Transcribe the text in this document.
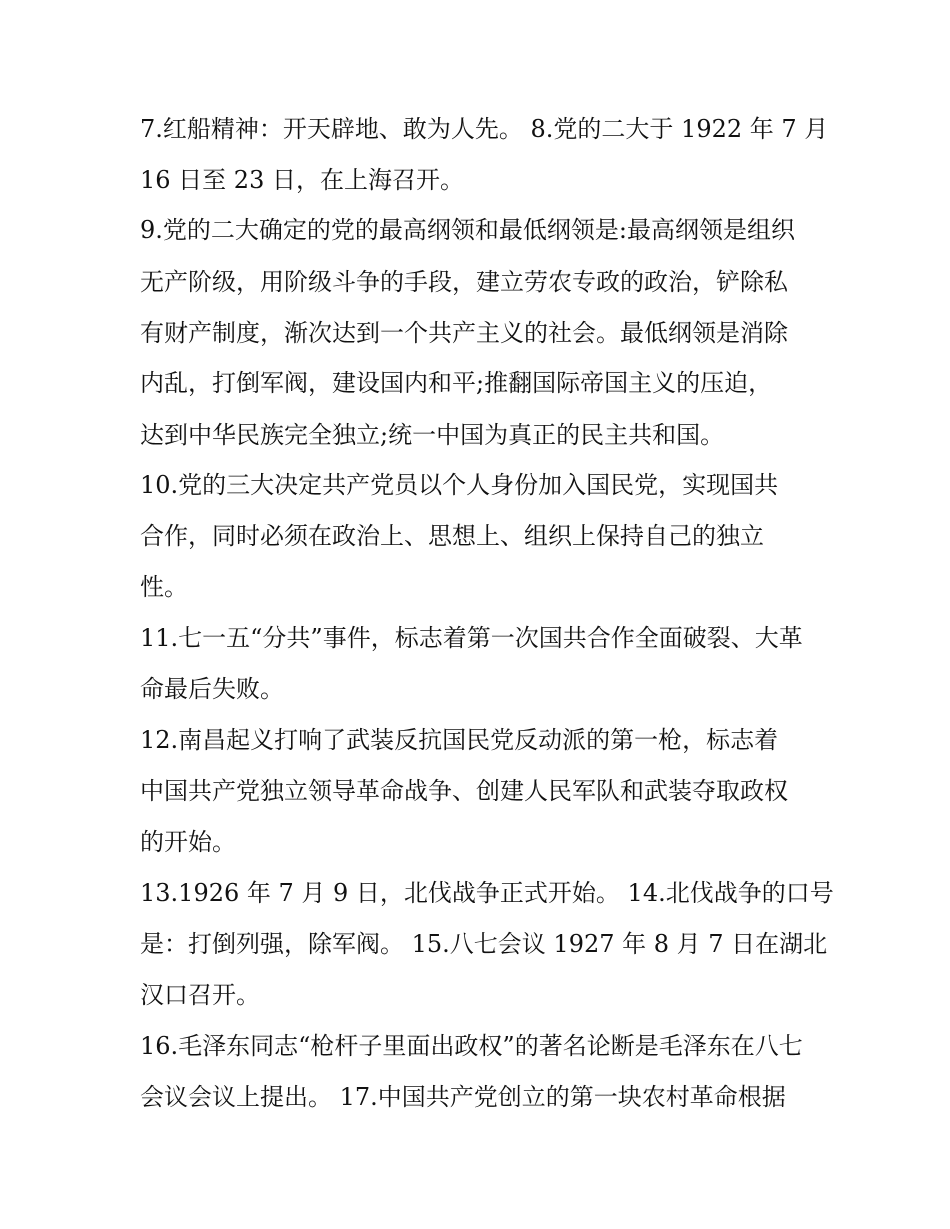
7.红船精神：开天辟地、敢为人先。 8.党的二大于 1922 年 7 月
16 日至 23 日，在上海召开。
9.党的二大确定的党的最高纲领和最低纲领是:最高纲领是组织
无产阶级，用阶级斗争的手段，建立劳农专政的政治，铲除私
有财产制度，渐次达到一个共产主义的社会。最低纲领是消除
内乱，打倒军阀，建设国内和平;推翻国际帝国主义的压迫，
达到中华民族完全独立;统一中国为真正的民主共和国。
10.党的三大决定共产党员以个人身份加入国民党，实现国共
合作，同时必须在政治上、思想上、组织上保持自己的独立
性。
11.七一五“分共”事件，标志着第一次国共合作全面破裂、大革
命最后失败。
12.南昌起义打响了武装反抗国民党反动派的第一枪，标志着
中国共产党独立领导革命战争、创建人民军队和武装夺取政权
的开始。
13.1926 年 7 月 9 日，北伐战争正式开始。 14.北伐战争的口号
是：打倒列强，除军阀。 15.八七会议 1927 年 8 月 7 日在湖北
汉口召开。
16.毛泽东同志“枪杆子里面出政权”的著名论断是毛泽东在八七
会议会议上提出。 17.中国共产党创立的第一块农村革命根据
